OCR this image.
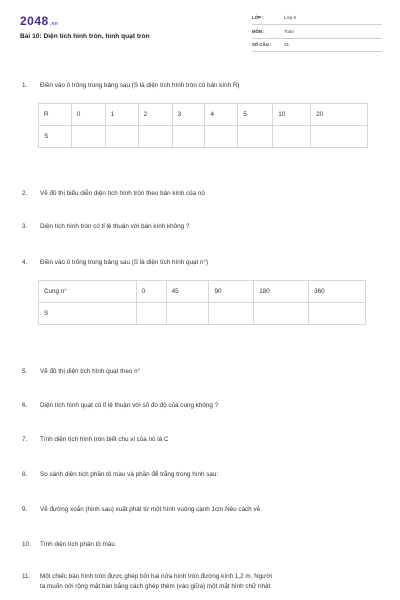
2048.vn
Bài 10: Diện tích hình tròn, hình quạt tròn
LỚP :	Lớp 9
MÔN :	Toán
SỐ CÂU :	21
1. Điền vào ô trống trong bảng sau (S là diện tích hình tròn có bán kính R)
R	0	1	2	3	4	5	10	20
S								
2. Vẽ đồ thị biểu diễn diện tích hình tròn theo bán kính của nó
3. Diện tích hình tròn có tỉ lệ thuận với bán kính không ?
4. Điền vào ô trống trong bảng sau (S là diện tích hình quạt n°)
Cung n°	0	45	90	180	360
S					
5. Vẽ đồ thị diện tích hình quạt theo n°
6. Diện tích hình quạt có tỉ lệ thuận với số đo độ của cung không ?
7. Tính diện tích hình tròn biết chu vi của nó là C
8. So sánh diện tích phần tô màu và phần để trắng trong hình sau:
9. Vẽ đường xoắn (hình sau) xuất phát từ một hình vuông cạnh 1cm.Nêu cách vẽ
10. Tính diện tích phần tô màu
11. Một chiếc bàn hình tròn được ghép bởi hai nửa hình tròn đường kính 1,2 m. Người
ta muốn nới rộng mặt bàn bằng cách ghép thêm (vào giữa) một mặt hình chữ nhật
